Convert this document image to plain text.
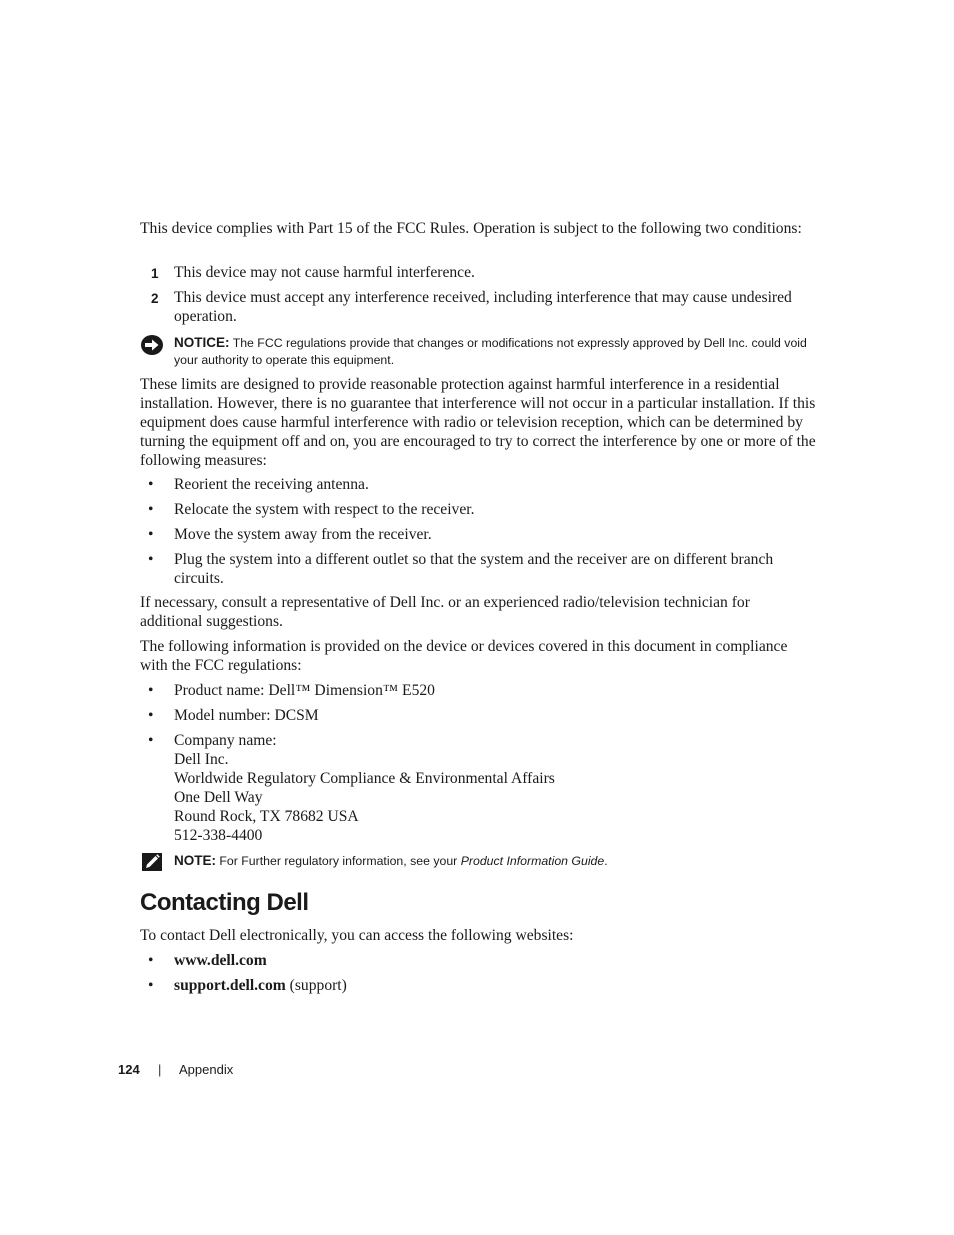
This device complies with Part 15 of the FCC Rules. Operation is subject to the following two conditions:

1 This device may not cause harmful interference.
2 This device must accept any interference received, including interference that may cause undesired operation.
NOTICE: The FCC regulations provide that changes or modifications not expressly approved by Dell Inc. could void your authority to operate this equipment.

These limits are designed to provide reasonable protection against harmful interference in a residential installation. However, there is no guarantee that interference will not occur in a particular installation. If this equipment does cause harmful interference with radio or television reception, which can be determined by turning the equipment off and on, you are encouraged to try to correct the interference by one or more of the following measures:

• Reorient the receiving antenna.
• Relocate the system with respect to the receiver.
• Move the system away from the receiver.
• Plug the system into a different outlet so that the system and the receiver are on different branch circuits.

If necessary, consult a representative of Dell Inc. or an experienced radio/television technician for additional suggestions.

The following information is provided on the device or devices covered in this document in compliance with the FCC regulations:

• Product name: Dell™ Dimension™ E520
• Model number: DCSM
• Company name:
Dell Inc.
Worldwide Regulatory Compliance & Environmental Affairs
One Dell Way
Round Rock, TX 78682 USA
512-338-4400
NOTE: For Further regulatory information, see your Product Information Guide.
Contacting Dell

To contact Dell electronically, you can access the following websites:

• www.dell.com
• support.dell.com (support)
124 | Appendix
